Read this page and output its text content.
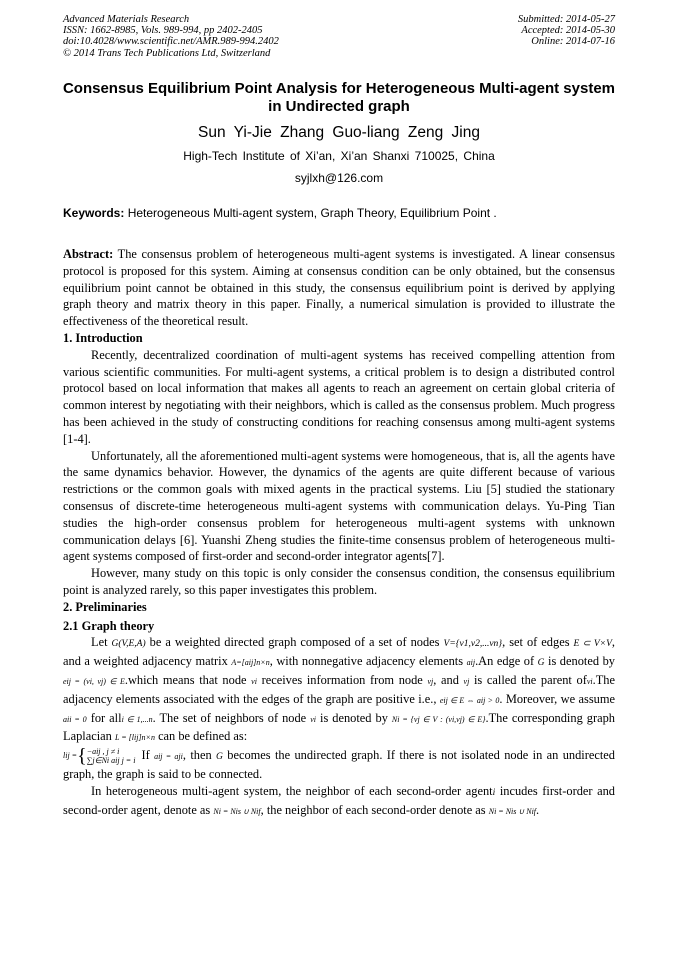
Advanced Materials Research
ISSN: 1662-8985, Vols. 989-994, pp 2402-2405
doi:10.4028/www.scientific.net/AMR.989-994.2402
© 2014 Trans Tech Publications Ltd, Switzerland
Submitted: 2014-05-27
Accepted: 2014-05-30
Online: 2014-07-16
Consensus Equilibrium Point Analysis for Heterogeneous Multi-agent system in Undirected graph
Sun Yi-Jie Zhang Guo-liang Zeng Jing
High-Tech Institute of Xi’an, Xi’an Shanxi 710025, China
syjlxh@126.com
Keywords: Heterogeneous Multi-agent system, Graph Theory, Equilibrium Point .

Abstract: The consensus problem of heterogeneous multi-agent systems is investigated. A linear consensus protocol is proposed for this system. Aiming at consensus condition can be only obtained, but the consensus equilibrium point cannot be obtained in this study, the consensus equilibrium point is derived by applying graph theory and matrix theory in this paper. Finally, a numerical simulation is provided to illustrate the effectiveness of the theoretical result.

1. Introduction

Recently, decentralized coordination of multi-agent systems has received compelling attention from various scientific communities. For multi-agent systems, a critical problem is to design a distributed control protocol based on local information that makes all agents to reach an agreement on certain global criteria of common interest by negotiating with their neighbors, which is called as the consensus problem. Much progress has been achieved in the study of constructing conditions for reaching consensus among multi-agent systems [1-4].

Unfortunately, all the aforementioned multi-agent systems were homogeneous, that is, all the agents have the same dynamics behavior. However, the dynamics of the agents are quite different because of various restrictions or the common goals with mixed agents in the practical systems. Liu [5] studied the stationary consensus of discrete-time heterogeneous multi-agent systems with communication delays. Yu-Ping Tian studies the high-order consensus problem for heterogeneous multi-agent systems with unknown communication delays [6]. Yuanshi Zheng studies the finite-time consensus problem of heterogeneous multi-agent systems composed of first-order and second-order integrator agents[7].

However, many study on this topic is only consider the consensus condition, the consensus equilibrium point is analyzed rarely, so this paper investigates this problem.

2. Preliminaries

2.1 Graph theory

Let G(V,E,A) be a weighted directed graph composed of a set of nodes V={v1,v2,...vn}, set of edges E ⊂ V×V, and a weighted adjacency matrix A=[aij]n×n, with nonnegative adjacency elements aij.An edge of G is denoted by eij = (vi, vj) ∈ E.which means that node vi receives information from node vj, and vj is called the parent ofvi.The adjacency elements associated with the edges of the graph are positive i.e., eij ∈ E ⇔ aij > 0. Moreover, we assume aii = 0 for alli ∈ 1,...n. The set of neighbors of node vi is denoted by Ni = {vj ∈ V : (vi,vj) ∈ E}.The corresponding graph Laplacian L = [lij]n×n can be defined as:

lij ={−aij , j ≠ i
∑j∈Ni aij j = i If aij = aji, then G becomes the undirected graph. If there is not isolated node in an undirected graph, the graph is said to be connected.

In heterogeneous multi-agent system, the neighbor of each second-order agenti incudes first-order and second-order agent, denote as Ni = Nis ∪ Nif, the neighbor of each second-order denote as Ni = Nis ∪ Nif.
